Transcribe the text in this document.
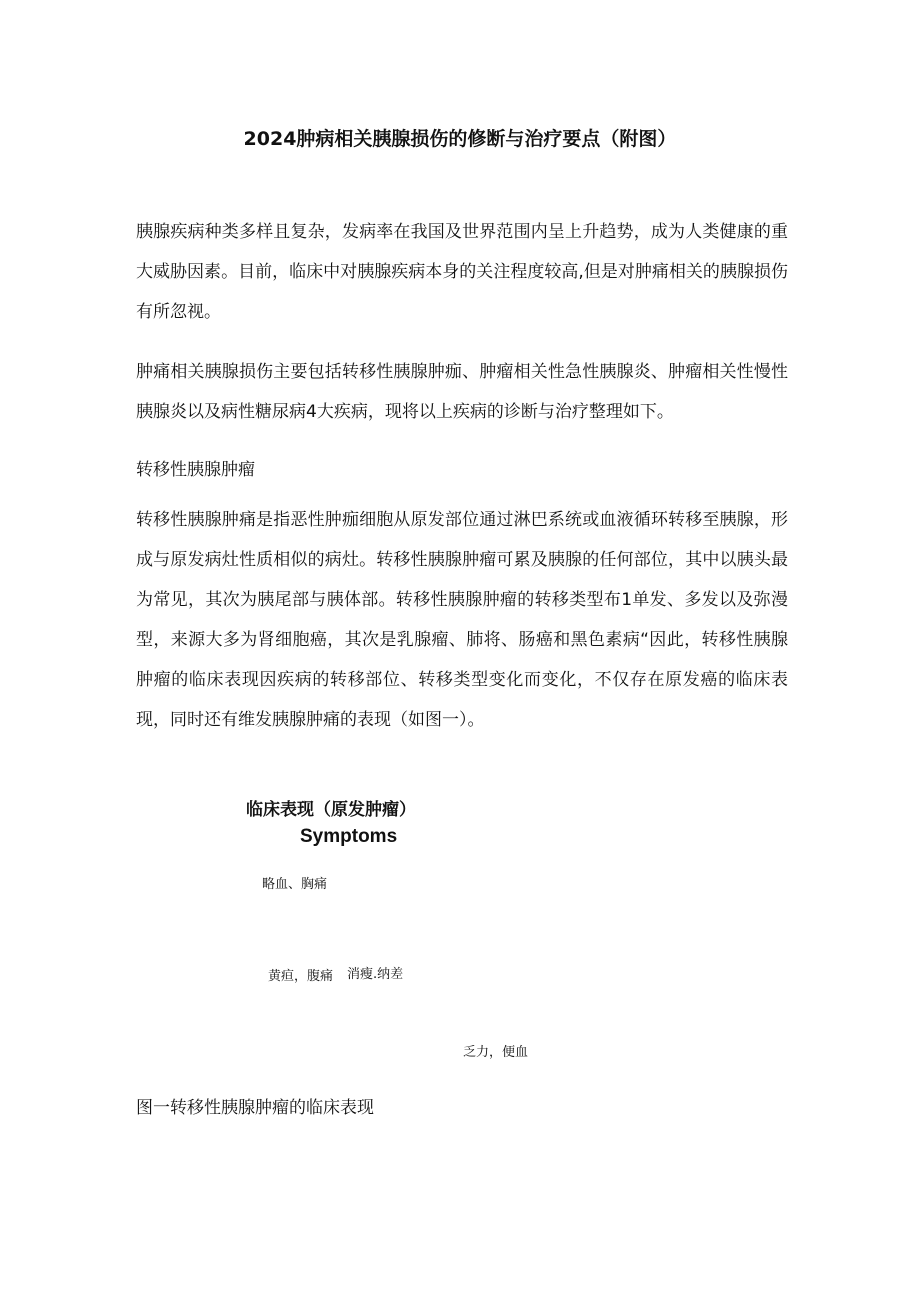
2024肿病相关胰腺损伤的修断与治疗要点（附图）

胰腺疾病种类多样且复杂，发病率在我国及世界范围内呈上升趋势，成为人类健康的重大威胁因素。目前，临床中对胰腺疾病本身的关注程度较高,但是对肿痛相关的胰腺损伤有所忽视。

肿痛相关胰腺损伤主要包括转移性胰腺肿痂、肿瘤相关性急性胰腺炎、肿瘤相关性慢性胰腺炎以及病性糖尿病4大疾病，现将以上疾病的诊断与治疗整理如下。

转移性胰腺肿瘤

转移性胰腺肿痛是指恶性肿痂细胞从原发部位通过淋巴系统或血液循环转移至胰腺，形成与原发病灶性质相似的病灶。转移性胰腺肿瘤可累及胰腺的任何部位，其中以胰头最为常见，其次为胰尾部与胰体部。转移性胰腺肿瘤的转移类型布1单发、多发以及弥漫型，来源大多为肾细胞癌，其次是乳腺瘤、肺将、肠癌和黑色素病“因此，转移性胰腺肿瘤的临床表现因疾病的转移部位、转移类型变化而变化，不仅存在原发癌的临床表现，同时还有维发胰腺肿痛的表现（如图一）。

临床表现（原发肿瘤）
Symptoms
略血、胸痛
黄疸，腹痛 消瘦.纳差
乏力，便血
图一转移性胰腺肿瘤的临床表现
